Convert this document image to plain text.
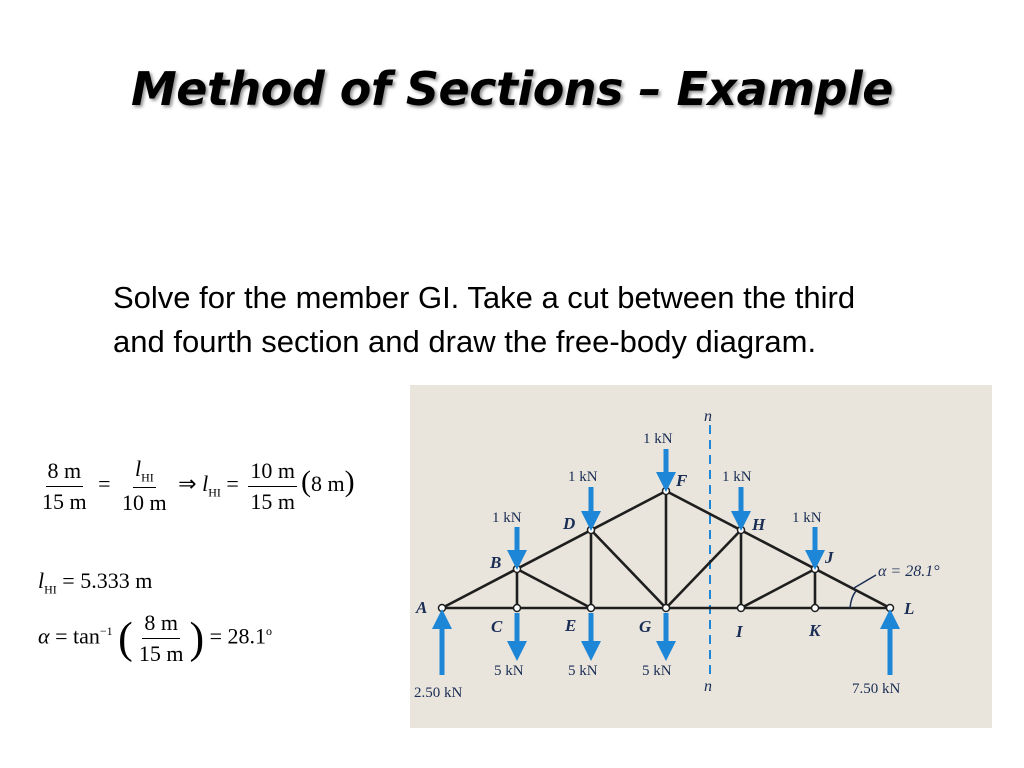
Method of Sections – Example
Solve for the member GI. Take a cut between the third and fourth section and draw the free-body diagram.
$\frac{8 m}{15 m} = \frac{l_{HI}}{10 m}$ ⇒ $l_{HI} = \frac{10 m}{15 m} (8$ m)
$l_{HI} = 5.333$ m
$\alpha = \tan^{-1}$ ( $\frac{8 m}{15 m}$ ) = $28.1^o$
n
n
A
B
C
D
E
F
G
H
I
J
K
L
1 kN
1 kN	1 kN
1 kN	1 kN
5 kN	5 kN	5 kN
2.50 kN	7.50 kN
α = 28.1°
